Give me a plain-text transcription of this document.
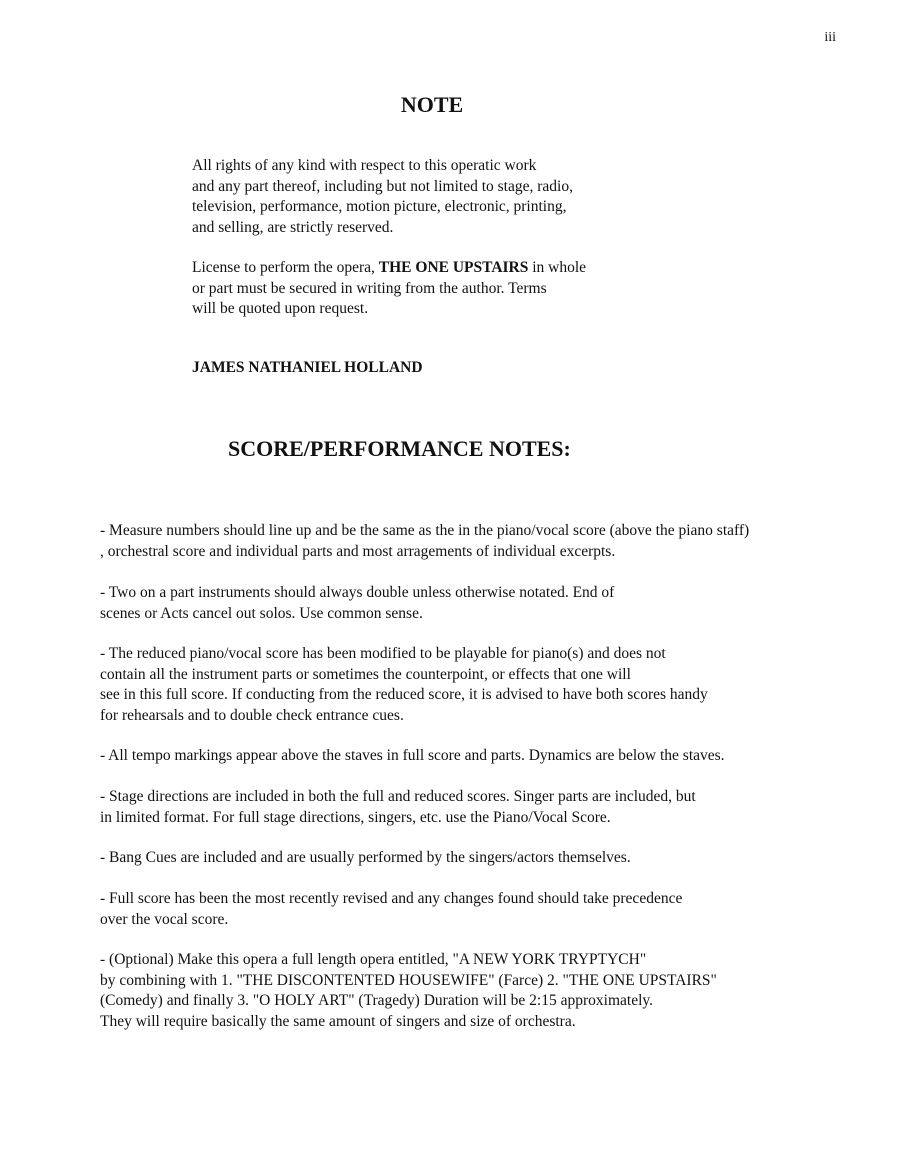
iii
NOTE

All rights of any kind with respect to this operatic work
and any part thereof, including but not limited to stage, radio,
television, performance, motion picture, electronic, printing,
and selling, are strictly reserved.

License to perform the opera, THE ONE UPSTAIRS in whole
or part must be secured in writing from the author. Terms
will be quoted upon request.

JAMES NATHANIEL HOLLAND

SCORE/PERFORMANCE NOTES:

- Measure numbers should line up and be the same as the in the piano/vocal score (above the piano staff)
, orchestral score and individual parts and most arragements of individual excerpts.

- Two on a part instruments should always double unless otherwise notated. End of
scenes or Acts cancel out solos. Use common sense.

- The reduced piano/vocal score has been modified to be playable for piano(s) and does not
contain all the instrument parts or sometimes the counterpoint, or effects that one will
see in this full score. If conducting from the reduced score, it is advised to have both scores handy
for rehearsals and to double check entrance cues.

- All tempo markings appear above the staves in full score and parts. Dynamics are below the staves.

- Stage directions are included in both the full and reduced scores. Singer parts are included, but
in limited format. For full stage directions, singers, etc. use the Piano/Vocal Score.

- Bang Cues are included and are usually performed by the singers/actors themselves.

- Full score has been the most recently revised and any changes found should take precedence
over the vocal score.

- (Optional) Make this opera a full length opera entitled, "A NEW YORK TRYPTYCH"
by combining with 1. "THE DISCONTENTED HOUSEWIFE" (Farce) 2. "THE ONE UPSTAIRS"
(Comedy) and finally 3. "O HOLY ART" (Tragedy) Duration will be 2:15 approximately.
They will require basically the same amount of singers and size of orchestra.
